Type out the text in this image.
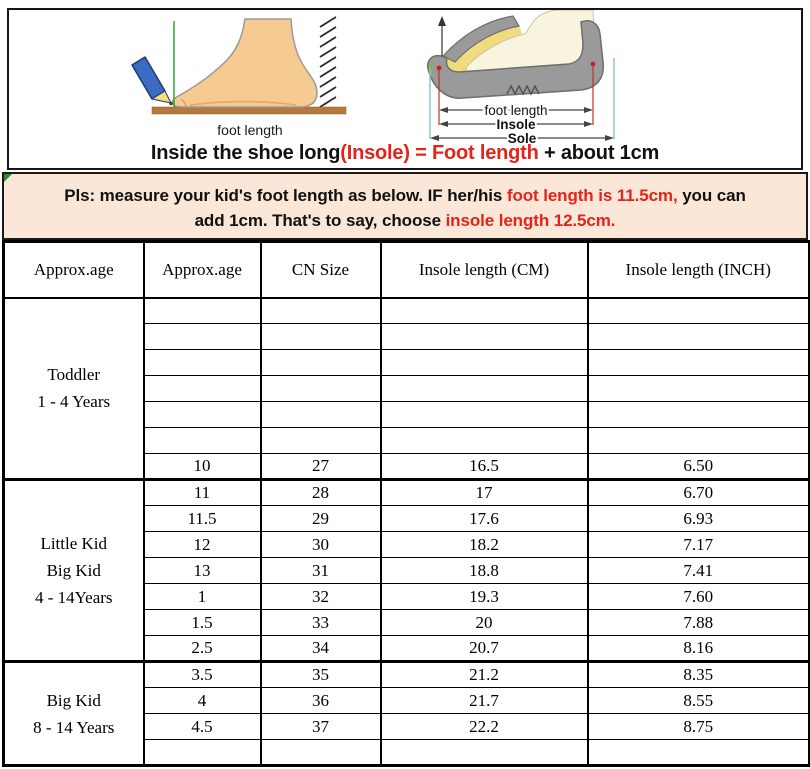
foot length
foot length
Insole
Sole
Inside the shoe long(Insole) = Foot length + about 1cm
Pls: measure your kid's foot length as below. IF her/his foot length is 11.5cm, you can
add 1cm. That's to say, choose insole length 12.5cm.
Approx.age	Approx.age	CN Size	Insole length (CM)	Insole length (INCH)

Toddler
1 - 4 Years				

	10	27	16.5	6.50

Little Kid
Big Kid
4 - 14Years	11	28	17	6.70
	11.5	29	17.6	6.93
	12	30	18.2	7.17
	13	31	18.8	7.41
	1	32	19.3	7.60
	1.5	33	20	7.88
	2.5	34	20.7	8.16

Big Kid
8 - 14 Years	3.5	35	21.2	8.35
	4	36	21.7	8.55
	4.5	37	22.2	8.75
